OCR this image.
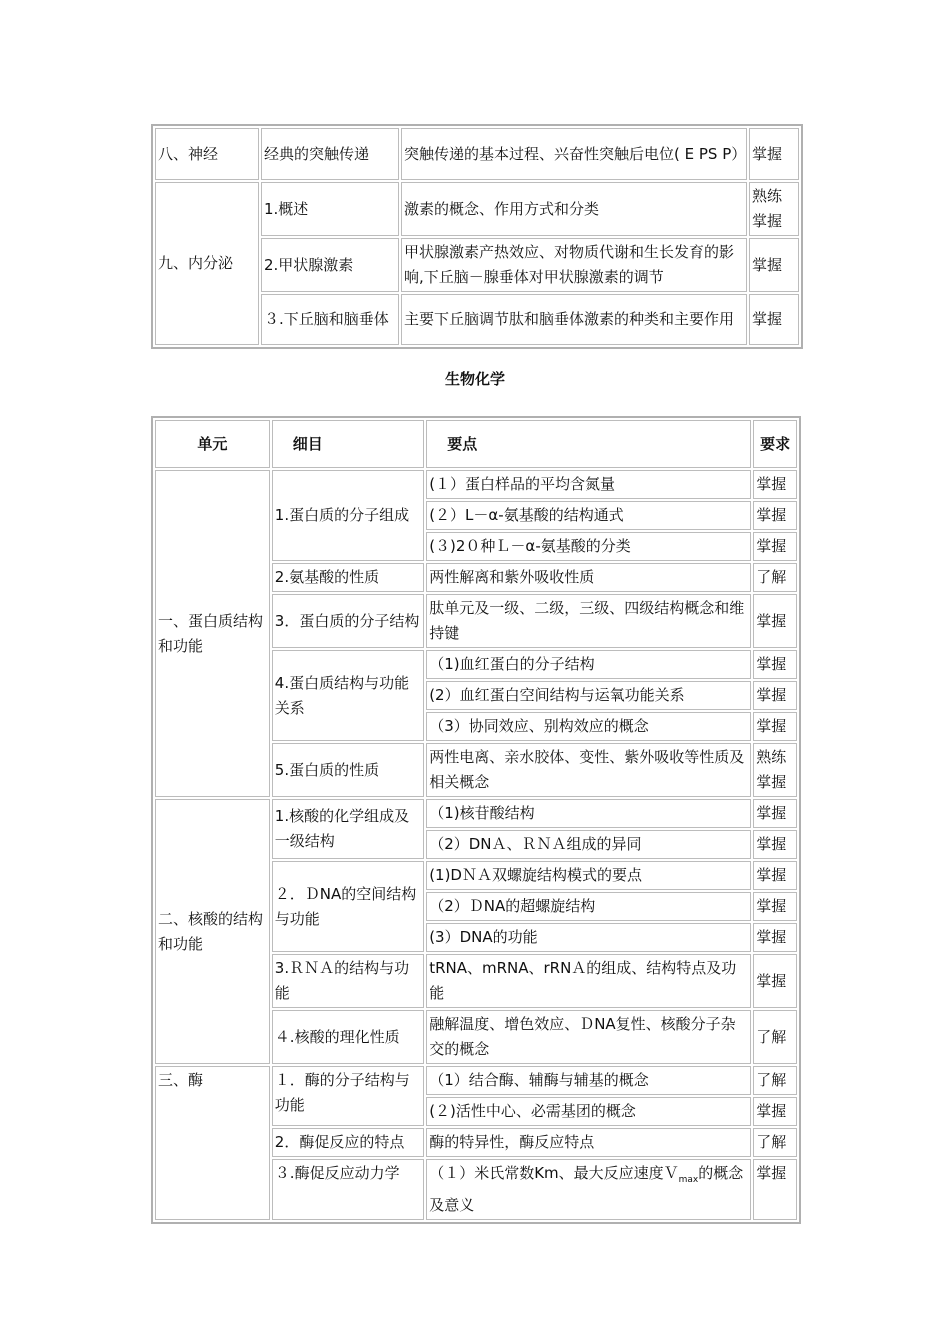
八、神经	经典的突触传递	突触传递的基本过程、兴奋性突触后电位( E PS P）	掌握
九、内分泌	1.概述	激素的概念、作用方式和分类	熟练掌握
	2.甲状腺激素	甲状腺激素产热效应、对物质代谢和生长发育的影响,下丘脑－腺垂体对甲状腺激素的调节	掌握
	３.下丘脑和脑垂体	主要下丘脑调节肽和脑垂体激素的种类和主要作用	掌握
生物化学
单元	细目	要点	要求
一、蛋白质结构和功能	1.蛋白质的分子组成	(１）蛋白样品的平均含氮量	掌握
		(２）L－α-氨基酸的结构通式	掌握
		(３)2０种Ｌ－α-氨基酸的分类	掌握
	2.氨基酸的性质	两性解离和紫外吸收性质	了解
	3．蛋白质的分子结构	肽单元及一级、二级，三级、四级结构概念和维持键	掌握
	4.蛋白质结构与功能关系	（1)血红蛋白的分子结构	掌握
		(2）血红蛋白空间结构与运氧功能关系	掌握
		（3）协同效应、别构效应的概念	掌握
	5.蛋白质的性质	两性电离、亲水胶体、变性、紫外吸收等性质及相关概念	熟练掌握
二、核酸的结构和功能	1.核酸的化学组成及一级结构	（1)核苷酸结构	掌握
		（2）DNＡ、ＲＮＡ组成的异同	掌握
	２．ＤNA的空间结构与功能	(1)DＮＡ双螺旋结构模式的要点	掌握
		（2）ＤNA的超螺旋结构	掌握
		(3）DNA的功能	掌握
	3.ＲＮＡ的结构与功能	tRNA、mRNA、rRNＡ的组成、结构特点及功能	掌握
	４.核酸的理化性质	融解温度、增色效应、ＤNA复性、核酸分子杂交的概念	了解
三、酶	１．酶的分子结构与功能	（1）结合酶、辅酶与辅基的概念	了解
		(２)活性中心、必需基团的概念	掌握
	2．酶促反应的特点	酶的特异性，酶反应特点	了解
	３.酶促反应动力学	（１）米氏常数Km、最大反应速度Ｖ$_{max}$的概念及意义	掌握
